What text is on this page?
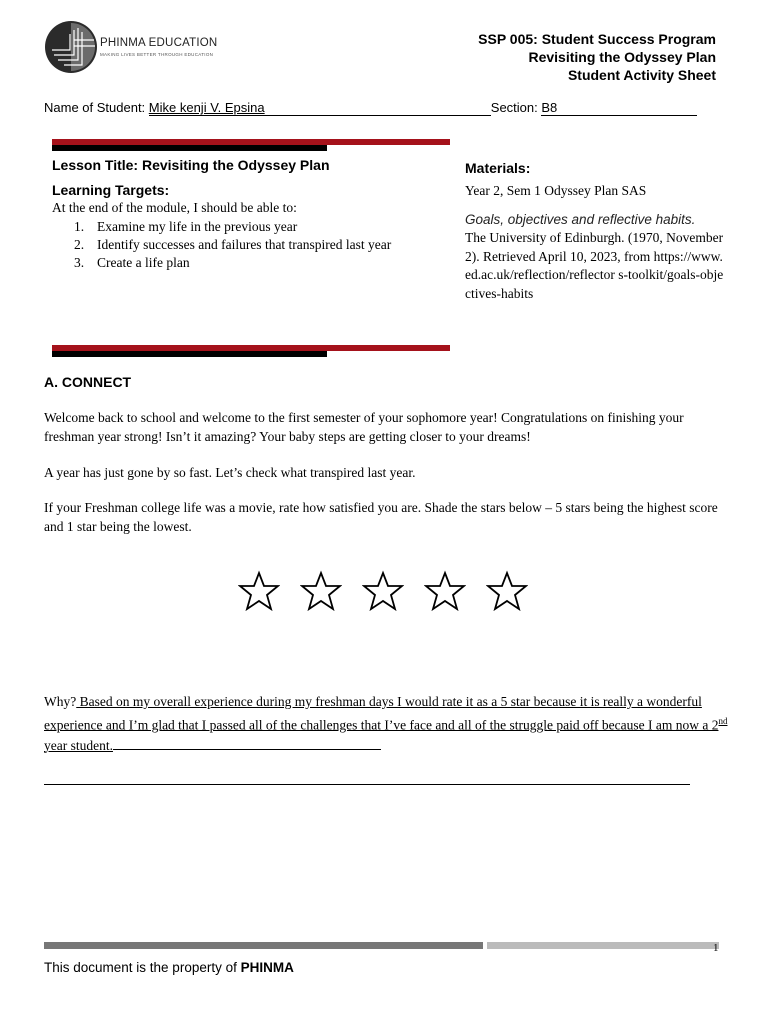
PHINMA EDUCATION
MAKING LIVES BETTER THROUGH EDUCATION
SSP 005: Student Success Program
Revisiting the Odyssey Plan
Student Activity Sheet
Name of Student: Mike kenji V. Epsina	Section: B8
Lesson Title: Revisiting the Odyssey Plan
Learning Targets:
At the end of the module, I should be able to:
1. Examine my life in the previous year
2. Identify successes and failures that transpired last year
3. Create a life plan
Materials:
Year 2, Sem 1 Odyssey Plan SAS
Goals, objectives and reflective habits.
The University of Edinburgh. (1970, November 2). Retrieved April 10, 2023, from https://www.ed.ac.uk/reflection/reflector s-toolkit/goals-objectives-habits
A. CONNECT
Welcome back to school and welcome to the first semester of your sophomore year! Congratulations on finishing your freshman year strong! Isn’t it amazing? Your baby steps are getting closer to your dreams!
A year has just gone by so fast. Let’s check what transpired last year.
If your Freshman college life was a movie, rate how satisfied you are. Shade the stars below – 5 stars being the highest score and 1 star being the lowest.
Why? Based on my overall experience during my freshman days I would rate it as a 5 star because it is really a wonderful experience and I’m glad that I passed all of the challenges that I’ve face and all of the struggle paid off because I am now a 2nd year student.
1
This document is the property of PHINMA
